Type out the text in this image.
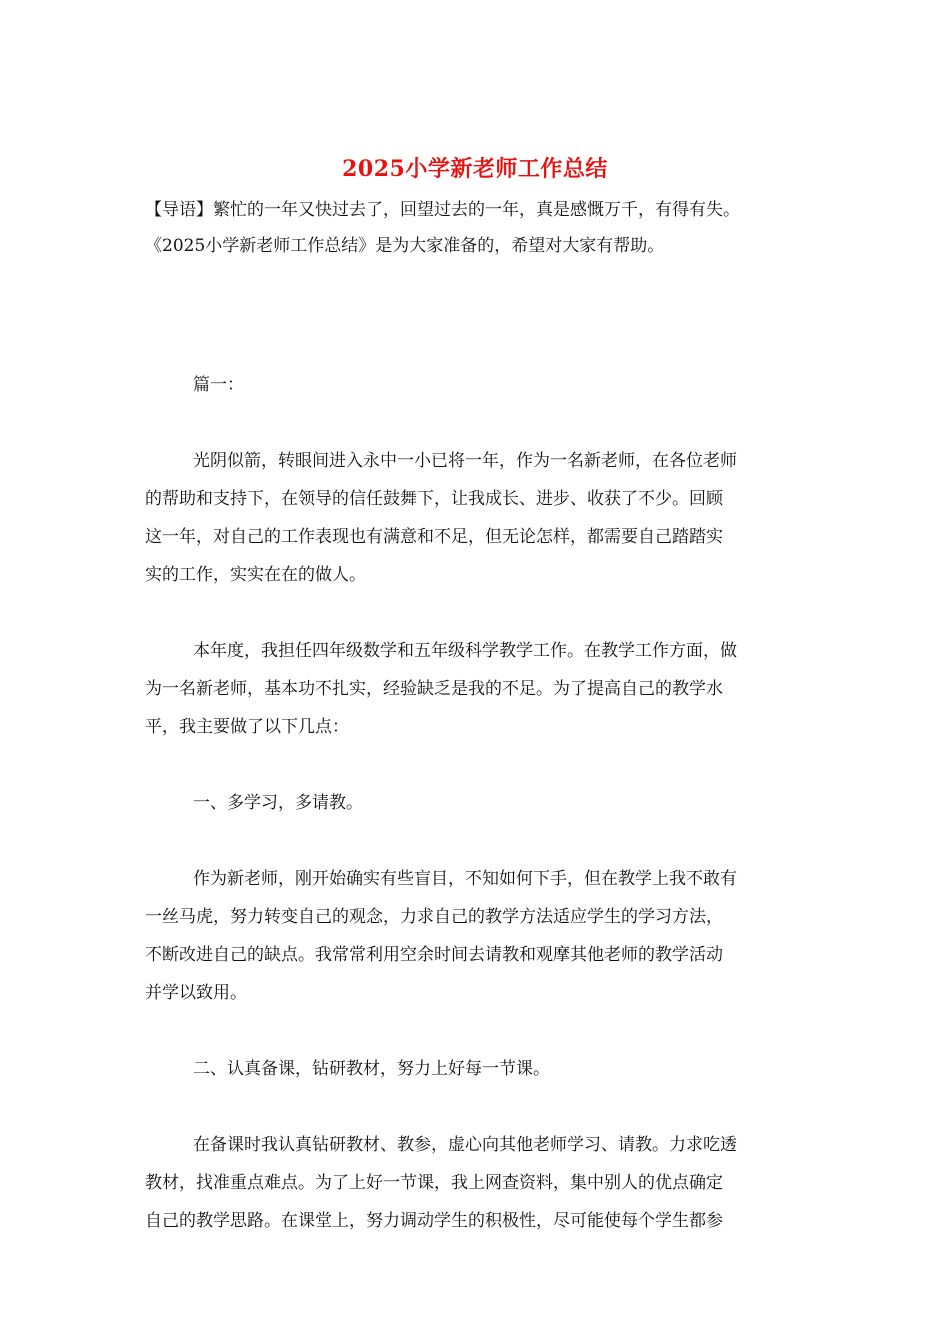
2025小学新老师工作总结

【导语】繁忙的一年又快过去了，回望过去的一年，真是感慨万千，有得有失。

《2025小学新老师工作总结》是为大家准备的，希望对大家有帮助。

篇一：
光阴似箭，转眼间进入永中一小已将一年，作为一名新老师，在各位老师
的帮助和支持下，在领导的信任鼓舞下，让我成长、进步、收获了不少。回顾
这一年，对自己的工作表现也有满意和不足，但无论怎样，都需要自己踏踏实
实的工作，实实在在的做人。
本年度，我担任四年级数学和五年级科学教学工作。在教学工作方面，做
为一名新老师，基本功不扎实，经验缺乏是我的不足。为了提高自己的教学水
平，我主要做了以下几点：
一、多学习，多请教。
作为新老师，刚开始确实有些盲目，不知如何下手，但在教学上我不敢有
一丝马虎，努力转变自己的观念，力求自己的教学方法适应学生的学习方法，
不断改进自己的缺点。我常常利用空余时间去请教和观摩其他老师的教学活动
并学以致用。
二、认真备课，钻研教材，努力上好每一节课。
在备课时我认真钻研教材、教参，虚心向其他老师学习、请教。力求吃透
教材，找准重点难点。为了上好一节课，我上网查资料，集中别人的优点确定
自己的教学思路。在课堂上，努力调动学生的积极性，尽可能使每个学生都参
